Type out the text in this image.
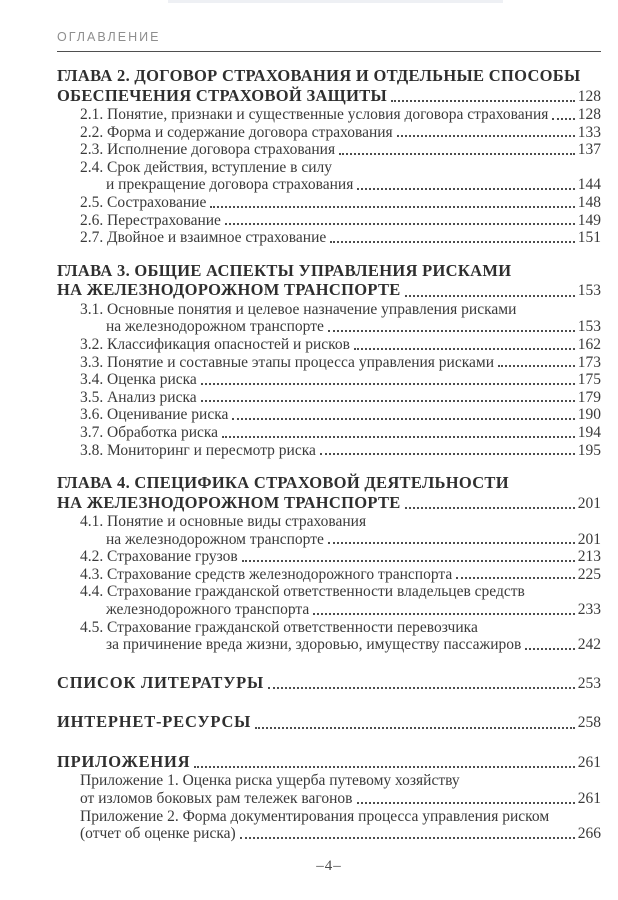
ОГЛАВЛЕНИЕ
ГЛАВА 2. ДОГОВОР СТРАХОВАНИЯ И ОТДЕЛЬНЫЕ СПОСОБЫ
ОБЕСПЕЧЕНИЯ СТРАХОВОЙ ЗАЩИТЫ	128
2.1. Понятие, признаки и существенные условия договора страхования 128
2.2. Форма и содержание договора страхования	133
2.3. Исполнение договора страхования	137
2.4. Срок действия, вступление в силу
и прекращение договора страхования	144
2.5. Сострахование	148
2.6. Перестрахование	149
2.7. Двойное и взаимное страхование	151
ГЛАВА 3. ОБЩИЕ АСПЕКТЫ УПРАВЛЕНИЯ РИСКАМИ
НА ЖЕЛЕЗНОДОРОЖНОМ ТРАНСПОРТЕ	153
3.1. Основные понятия и целевое назначение управления рисками
на железнодорожном транспорте	153
3.2. Классификация опасностей и рисков	162
3.3. Понятие и составные этапы процесса управления рисками	173
3.4. Оценка риска	175
3.5. Анализ риска	179
3.6. Оценивание риска	190
3.7. Обработка риска	194
3.8. Мониторинг и пересмотр риска	195
ГЛАВА 4. СПЕЦИФИКА СТРАХОВОЙ ДЕЯТЕЛЬНОСТИ
НА ЖЕЛЕЗНОДОРОЖНОМ ТРАНСПОРТЕ	201
4.1. Понятие и основные виды страхования
на железнодорожном транспорте	201
4.2. Страхование грузов	213
4.3. Страхование средств железнодорожного транспорта	225
4.4. Страхование гражданской ответственности владельцев средств
железнодорожного транспорта	233
4.5. Страхование гражданской ответственности перевозчика
за причинение вреда жизни, здоровью, имуществу пассажиров	242
СПИСОК ЛИТЕРАТУРЫ	253
ИНТЕРНЕТ-РЕСУРСЫ	258
ПРИЛОЖЕНИЯ	261
Приложение 1. Оценка риска ущерба путевому хозяйству
от изломов боковых рам тележек вагонов	261
Приложение 2. Форма документирования процесса управления риском
(отчет об оценке риска)	266
–4–
